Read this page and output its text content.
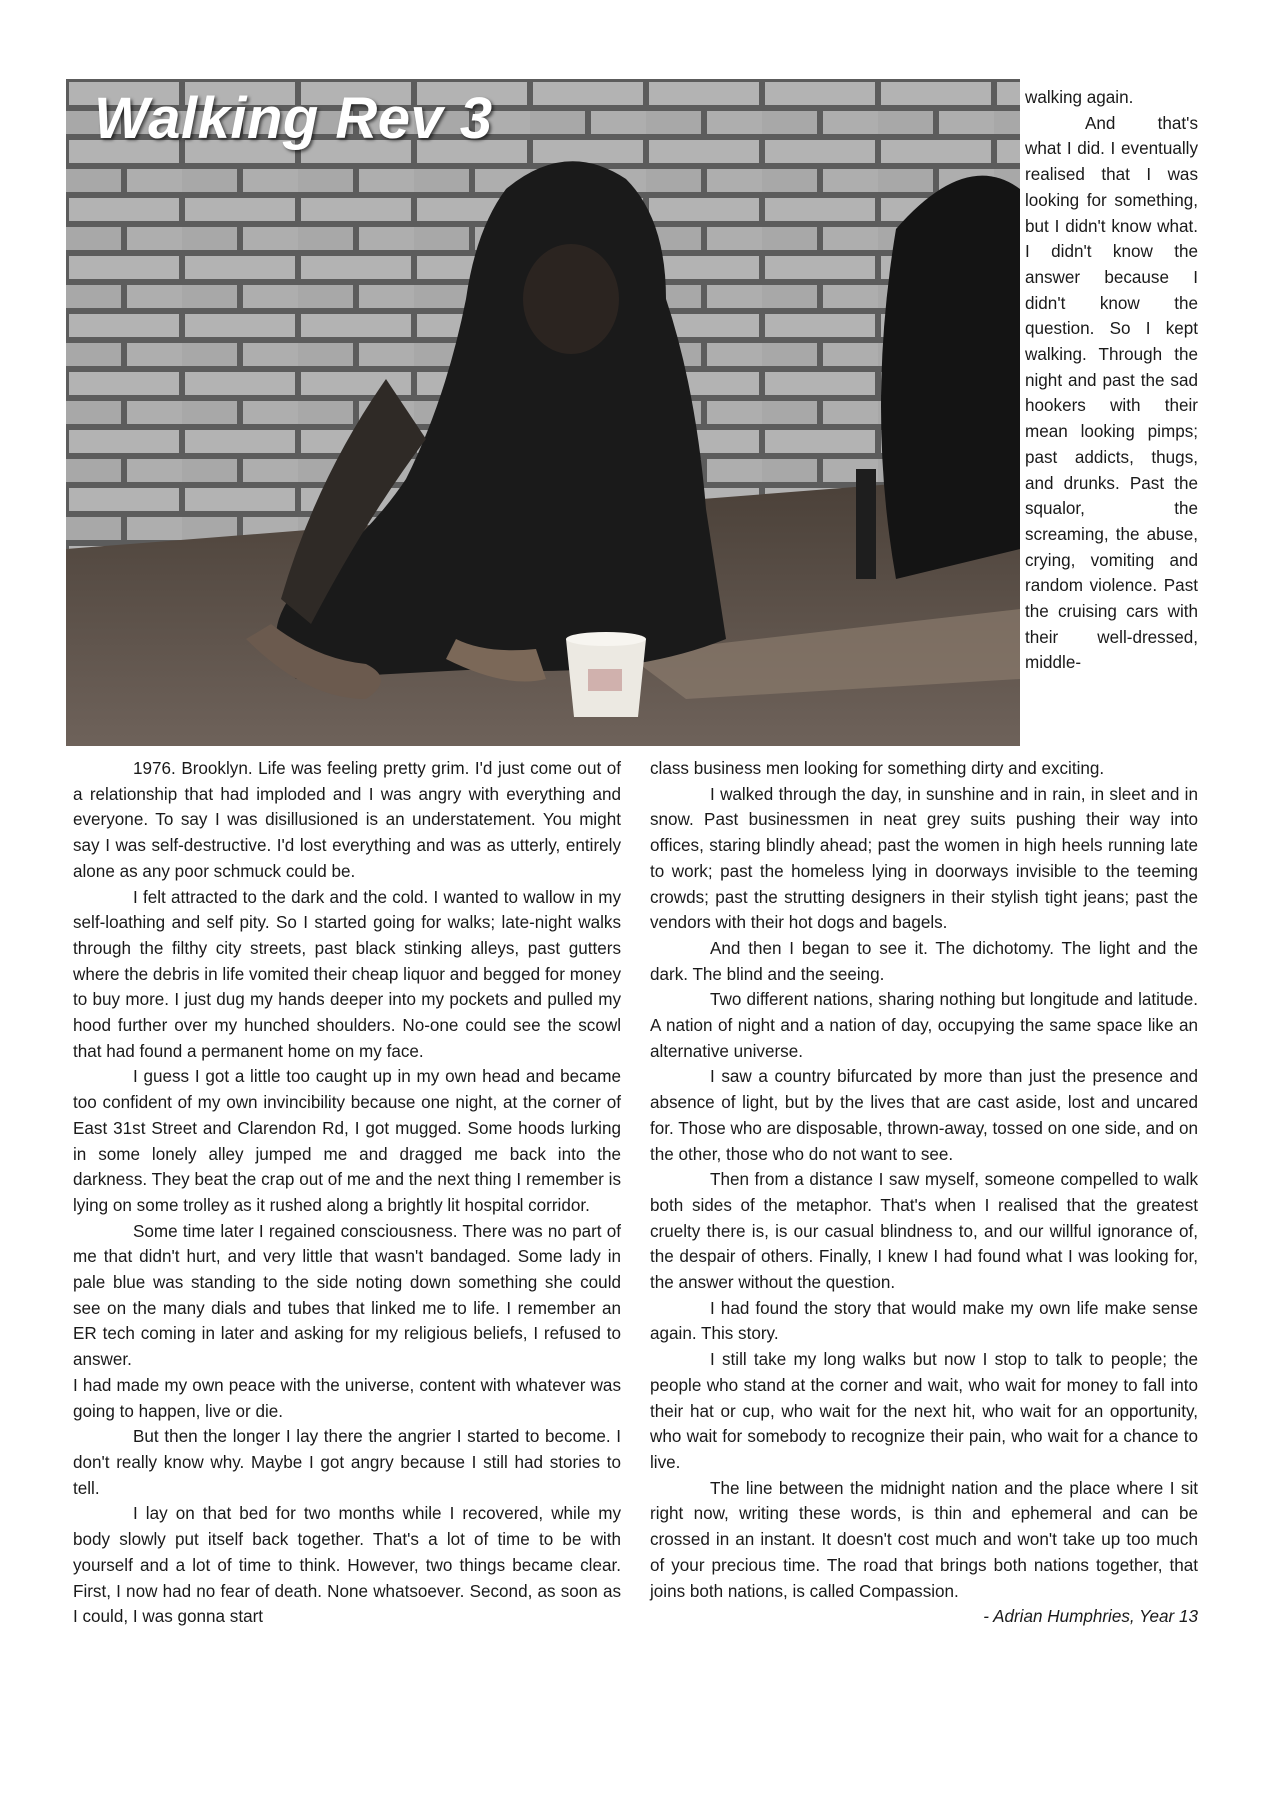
Walking Rev 3	walking again.

And that's what I did. I eventually realised that I was looking for something, but I didn't know what. I didn't know the answer because I didn't know the question. So I kept walking. Through the night and past the sad hookers with their mean looking pimps; past addicts, thugs, and drunks. Past the squalor, the screaming, the abuse, crying, vomiting and random violence. Past the cruising cars with their well-dressed, middle-

1976. Brooklyn. Life was feeling pretty grim. I'd just come out of a relationship that had imploded and I was angry with everything and everyone. To say I was disillusioned is an understatement. You might say I was self-destructive. I'd lost everything and was as utterly, entirely alone as any poor schmuck could be.

I felt attracted to the dark and the cold. I wanted to wallow in my self-loathing and self pity. So I started going for walks; late-night walks through the filthy city streets, past black stinking alleys, past gutters where the debris in life vomited their cheap liquor and begged for money to buy more. I just dug my hands deeper into my pockets and pulled my hood further over my hunched shoulders. No-one could see the scowl that had found a permanent home on my face.

I guess I got a little too caught up in my own head and became too confident of my own invincibility because one night, at the corner of East 31st Street and Clarendon Rd, I got mugged. Some hoods lurking in some lonely alley jumped me and dragged me back into the darkness. They beat the crap out of me and the next thing I remember is lying on some trolley as it rushed along a brightly lit hospital corridor.

Some time later I regained consciousness. There was no part of me that didn't hurt, and very little that wasn't bandaged. Some lady in pale blue was standing to the side noting down something she could see on the many dials and tubes that linked me to life. I remember an ER tech coming in later and asking for my religious beliefs, I refused to answer.

I had made my own peace with the universe, content with whatever was going to happen, live or die.

But then the longer I lay there the angrier I started to become. I don't really know why. Maybe I got angry because I still had stories to tell.

I lay on that bed for two months while I recovered, while my body slowly put itself back together. That's a lot of time to be with yourself and a lot of time to think. However, two things became clear. First, I now had no fear of death. None whatsoever. Second, as soon as I could, I was gonna start

class business men looking for something dirty and exciting.

I walked through the day, in sunshine and in rain, in sleet and in snow. Past businessmen in neat grey suits pushing their way into offices, staring blindly ahead; past the women in high heels running late to work; past the homeless lying in doorways invisible to the teeming crowds; past the strutting designers in their stylish tight jeans; past the vendors with their hot dogs and bagels.

And then I began to see it. The dichotomy. The light and the dark. The blind and the seeing.

Two different nations, sharing nothing but longitude and latitude. A nation of night and a nation of day, occupying the same space like an alternative universe.

I saw a country bifurcated by more than just the presence and absence of light, but by the lives that are cast aside, lost and uncared for. Those who are disposable, thrown-away, tossed on one side, and on the other, those who do not want to see.

Then from a distance I saw myself, someone compelled to walk both sides of the metaphor. That's when I realised that the greatest cruelty there is, is our casual blindness to, and our willful ignorance of, the despair of others. Finally, I knew I had found what I was looking for, the answer without the question.

I had found the story that would make my own life make sense again. This story.

I still take my long walks but now I stop to talk to people; the people who stand at the corner and wait, who wait for money to fall into their hat or cup, who wait for the next hit, who wait for an opportunity, who wait for somebody to recognize their pain, who wait for a chance to live.

The line between the midnight nation and the place where I sit right now, writing these words, is thin and ephemeral and can be crossed in an instant. It doesn't cost much and won't take up too much of your precious time. The road that brings both nations together, that joins both nations, is called Compassion.

- Adrian Humphries, Year 13
